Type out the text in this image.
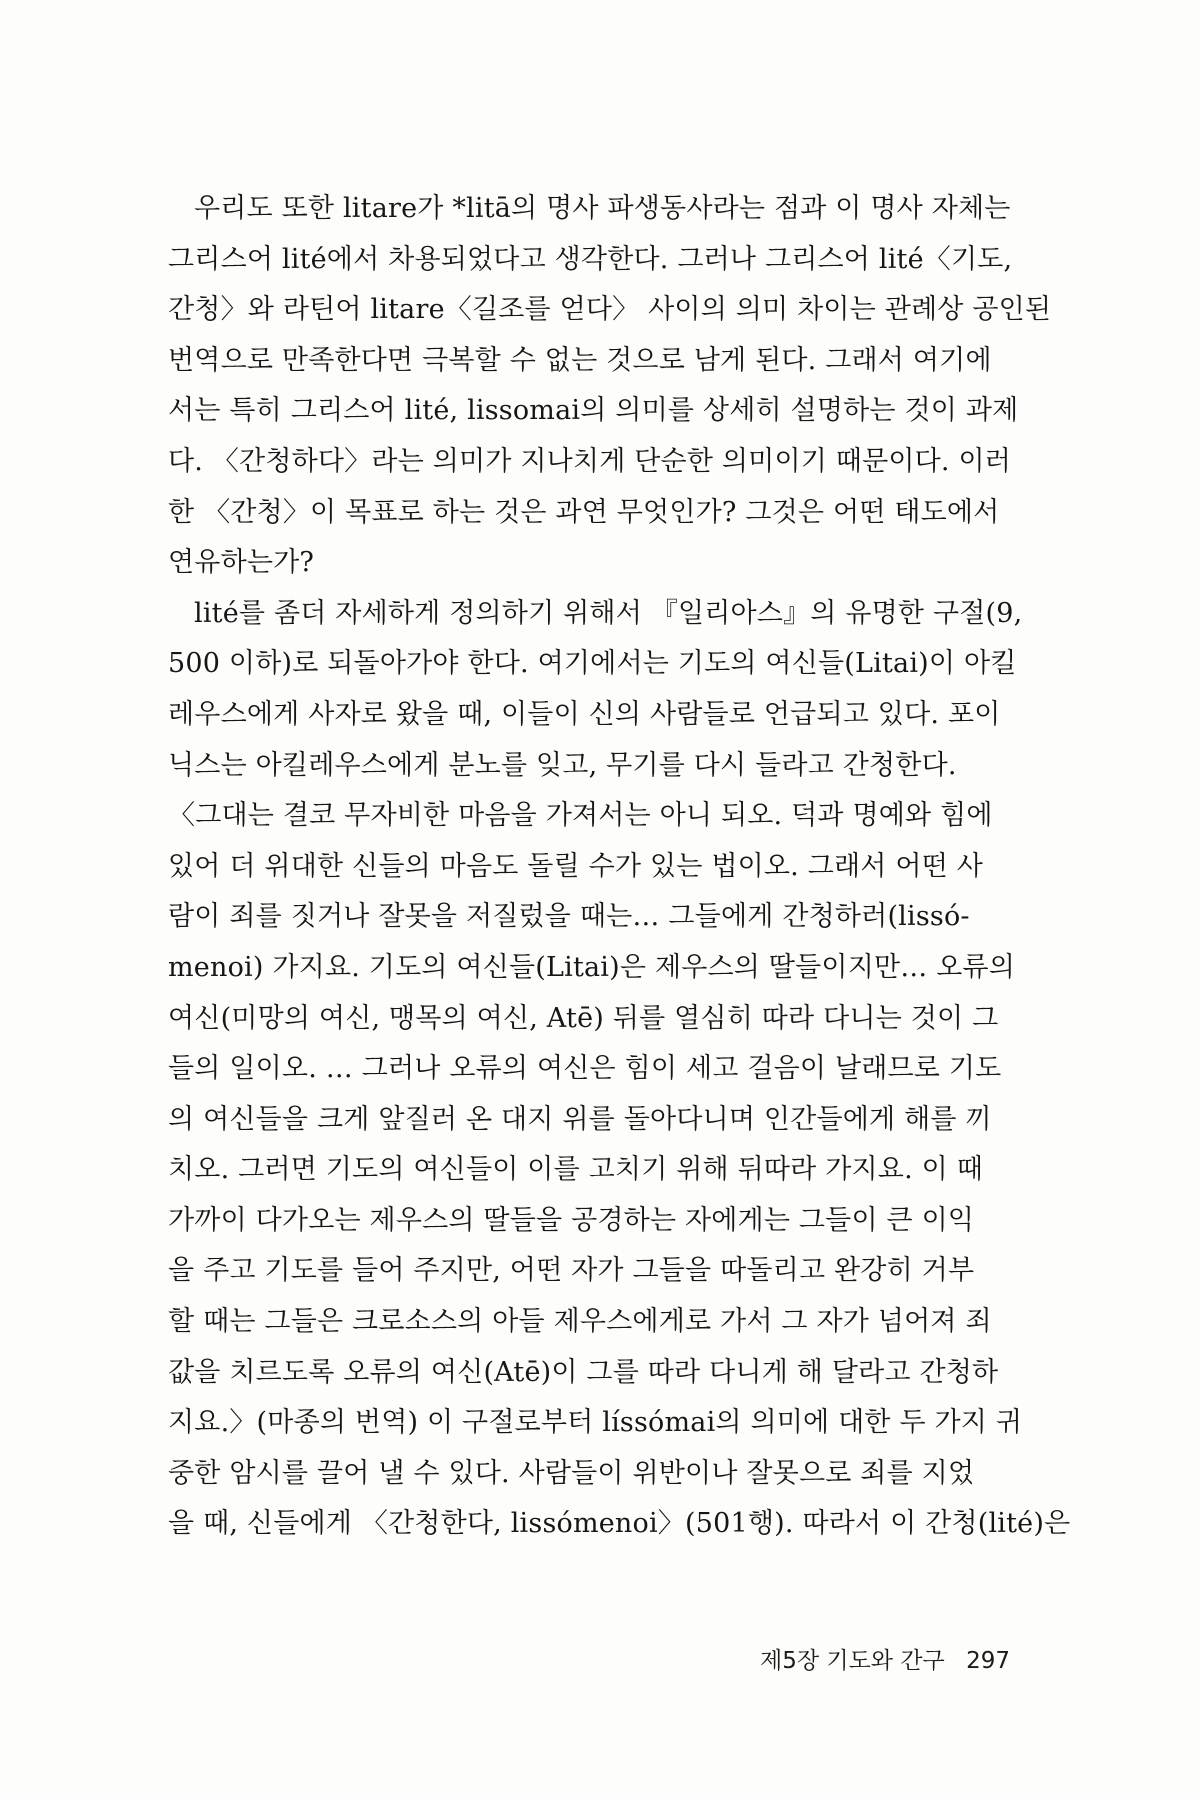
우리도 또한 litare가 *litā의 명사 파생동사라는 점과 이 명사 자체는
그리스어 lité에서 차용되었다고 생각한다. 그러나 그리스어 lité〈기도,
간청〉와 라틴어 litare〈길조를 얻다〉 사이의 의미 차이는 관례상 공인된
번역으로 만족한다면 극복할 수 없는 것으로 남게 된다. 그래서 여기에
서는 특히 그리스어 lité, lissomai의 의미를 상세히 설명하는 것이 과제
다. 〈간청하다〉라는 의미가 지나치게 단순한 의미이기 때문이다. 이러
한 〈간청〉이 목표로 하는 것은 과연 무엇인가? 그것은 어떤 태도에서
연유하는가?
lité를 좀더 자세하게 정의하기 위해서 『일리아스』의 유명한 구절(9,
500 이하)로 되돌아가야 한다. 여기에서는 기도의 여신들(Litai)이 아킬
레우스에게 사자로 왔을 때, 이들이 신의 사람들로 언급되고 있다. 포이
닉스는 아킬레우스에게 분노를 잊고, 무기를 다시 들라고 간청한다.
〈그대는 결코 무자비한 마음을 가져서는 아니 되오. 덕과 명예와 힘에
있어 더 위대한 신들의 마음도 돌릴 수가 있는 법이오. 그래서 어떤 사
람이 죄를 짓거나 잘못을 저질렀을 때는… 그들에게 간청하러(lissó-
menoi) 가지요. 기도의 여신들(Litai)은 제우스의 딸들이지만… 오류의
여신(미망의 여신, 맹목의 여신, Atē) 뒤를 열심히 따라 다니는 것이 그
들의 일이오. … 그러나 오류의 여신은 힘이 세고 걸음이 날래므로 기도
의 여신들을 크게 앞질러 온 대지 위를 돌아다니며 인간들에게 해를 끼
치오. 그러면 기도의 여신들이 이를 고치기 위해 뒤따라 가지요. 이 때
가까이 다가오는 제우스의 딸들을 공경하는 자에게는 그들이 큰 이익
을 주고 기도를 들어 주지만, 어떤 자가 그들을 따돌리고 완강히 거부
할 때는 그들은 크로소스의 아들 제우스에게로 가서 그 자가 넘어져 죄
값을 치르도록 오류의 여신(Atē)이 그를 따라 다니게 해 달라고 간청하
지요.〉(마종의 번역) 이 구절로부터 líssómai의 의미에 대한 두 가지 귀
중한 암시를 끌어 낼 수 있다. 사람들이 위반이나 잘못으로 죄를 지었
을 때, 신들에게 〈간청한다, lissómenoi〉(501행). 따라서 이 간청(lité)은
제5장 기도와 간구 297
